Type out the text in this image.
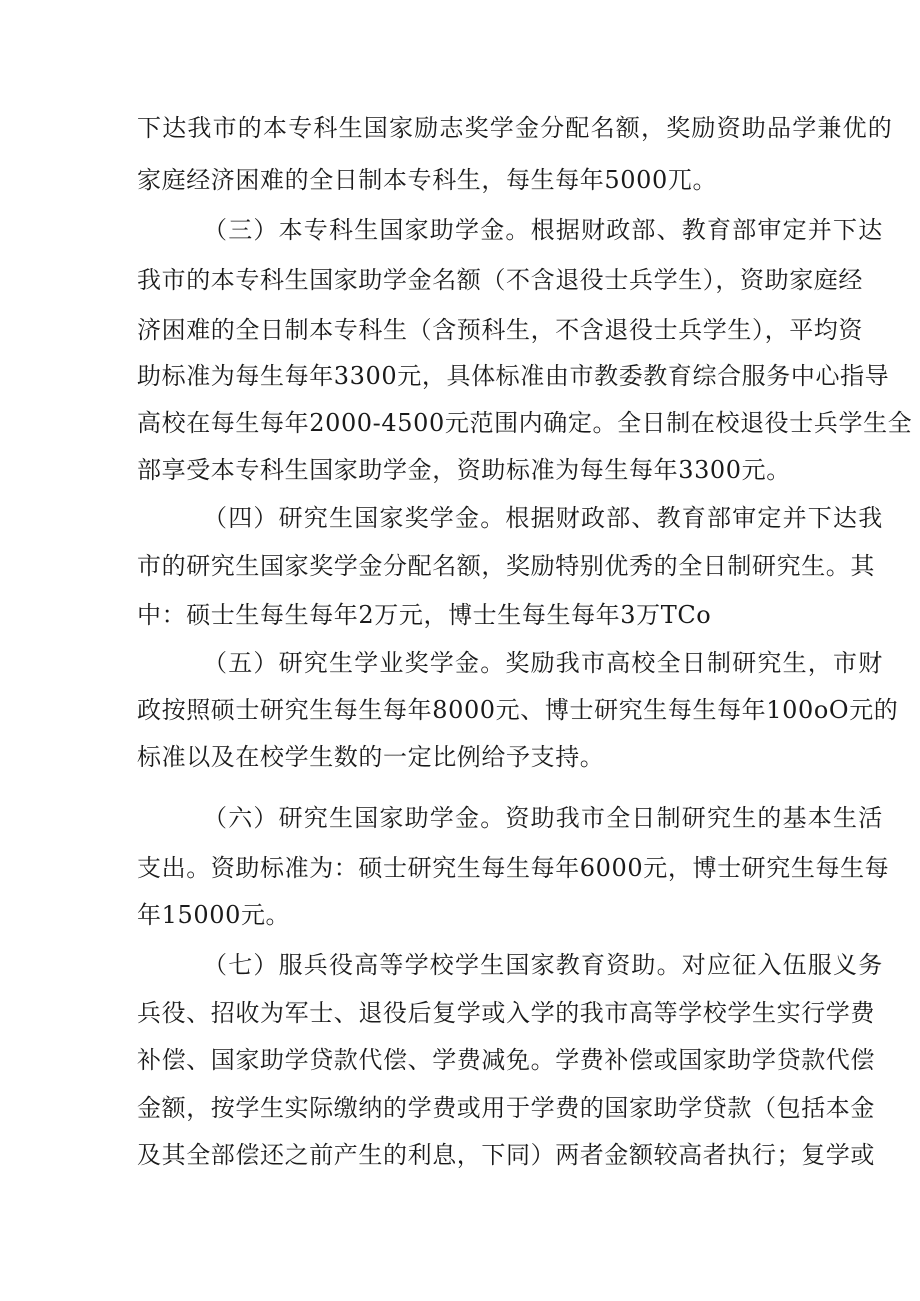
下达我市的本专科生国家励志奖学金分配名额，奖励资助品学兼优的
家庭经济困难的全日制本专科生，每生每年5000兀。
（三）本专科生国家助学金。根据财政部、教育部审定并下达
我市的本专科生国家助学金名额（不含退役士兵学生），资助家庭经
济困难的全日制本专科生（含预科生，不含退役士兵学生），平均资
助标准为每生每年3300元，具体标准由市教委教育综合服务中心指导
高校在每生每年2000-4500元范围内确定。全日制在校退役士兵学生全
部享受本专科生国家助学金，资助标准为每生每年3300元。
（四）研究生国家奖学金。根据财政部、教育部审定并下达我
市的研究生国家奖学金分配名额，奖励特别优秀的全日制研究生。其
中：硕士生每生每年2万元，博士生每生每年3万TCo
（五）研究生学业奖学金。奖励我市高校全日制研究生，市财
政按照硕士研究生每生每年8000元、博士研究生每生每年100oO元的
标准以及在校学生数的一定比例给予支持。
（六）研究生国家助学金。资助我市全日制研究生的基本生活
支出。资助标准为：硕士研究生每生每年6000元，博士研究生每生每
年15000元。
（七）服兵役高等学校学生国家教育资助。对应征入伍服义务
兵役、招收为军士、退役后复学或入学的我市高等学校学生实行学费
补偿、国家助学贷款代偿、学费减免。学费补偿或国家助学贷款代偿
金额，按学生实际缴纳的学费或用于学费的国家助学贷款（包括本金
及其全部偿还之前产生的利息，下同）两者金额较高者执行；复学或
